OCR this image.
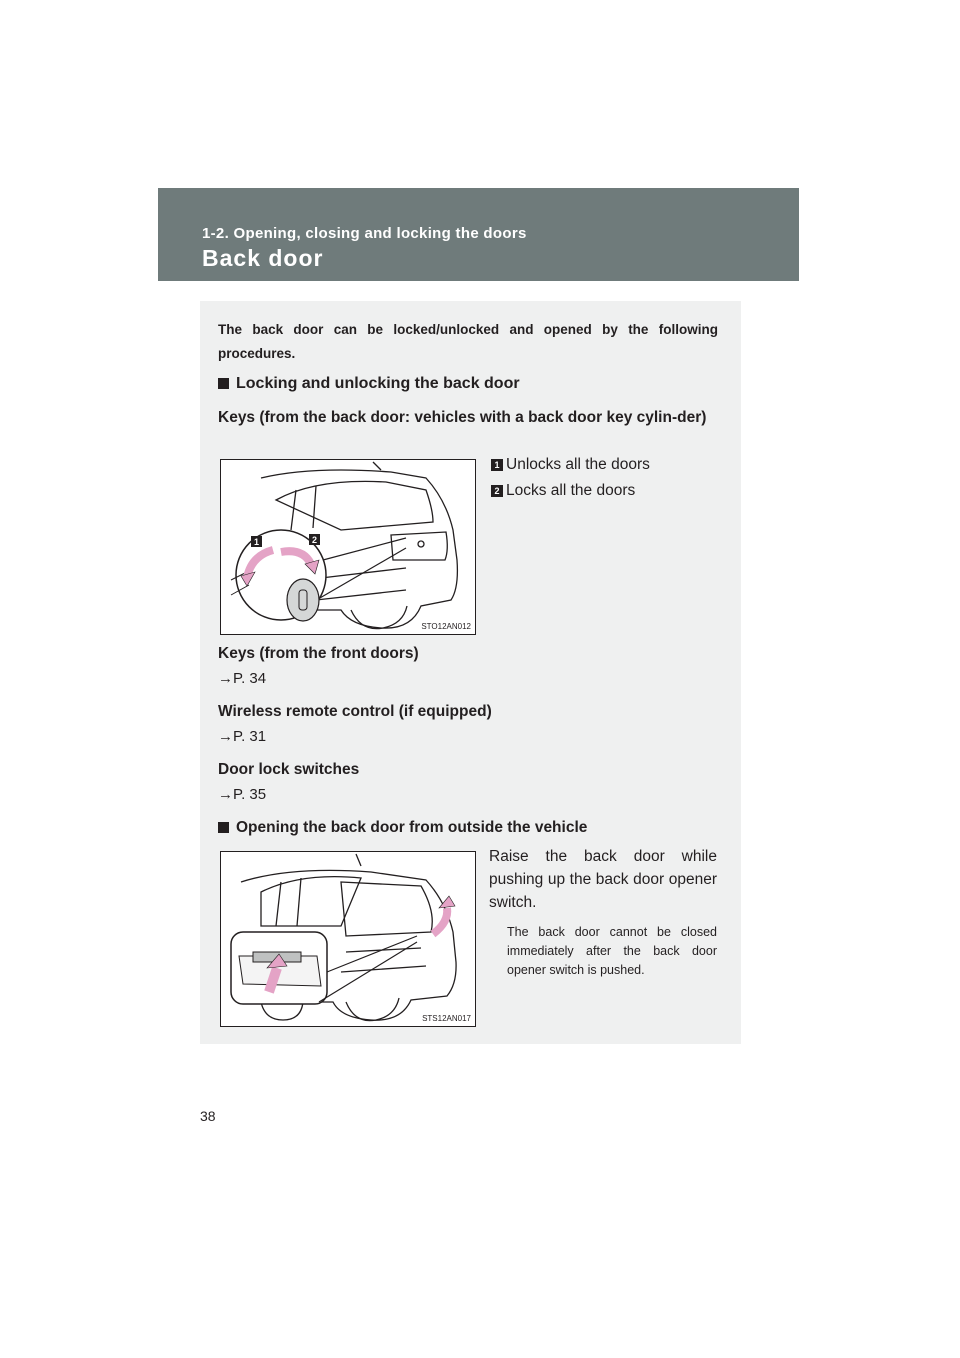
1-2. Opening, closing and locking the doors
Back door
The back door can be locked/unlocked and opened by the following procedures.
Locking and unlocking the back door
Keys (from the back door: vehicles with a back door key cylin-der)
1	2
STO12AN012
1 Unlocks all the doors
2 Locks all the doors
Keys (from the front doors)
→P. 34
Wireless remote control (if equipped)
→P. 31
Door lock switches
→P. 35
Opening the back door from outside the vehicle
STS12AN017
Raise the back door while pushing up the back door opener switch.
The back door cannot be closed immediately after the back door opener switch is pushed.
38
